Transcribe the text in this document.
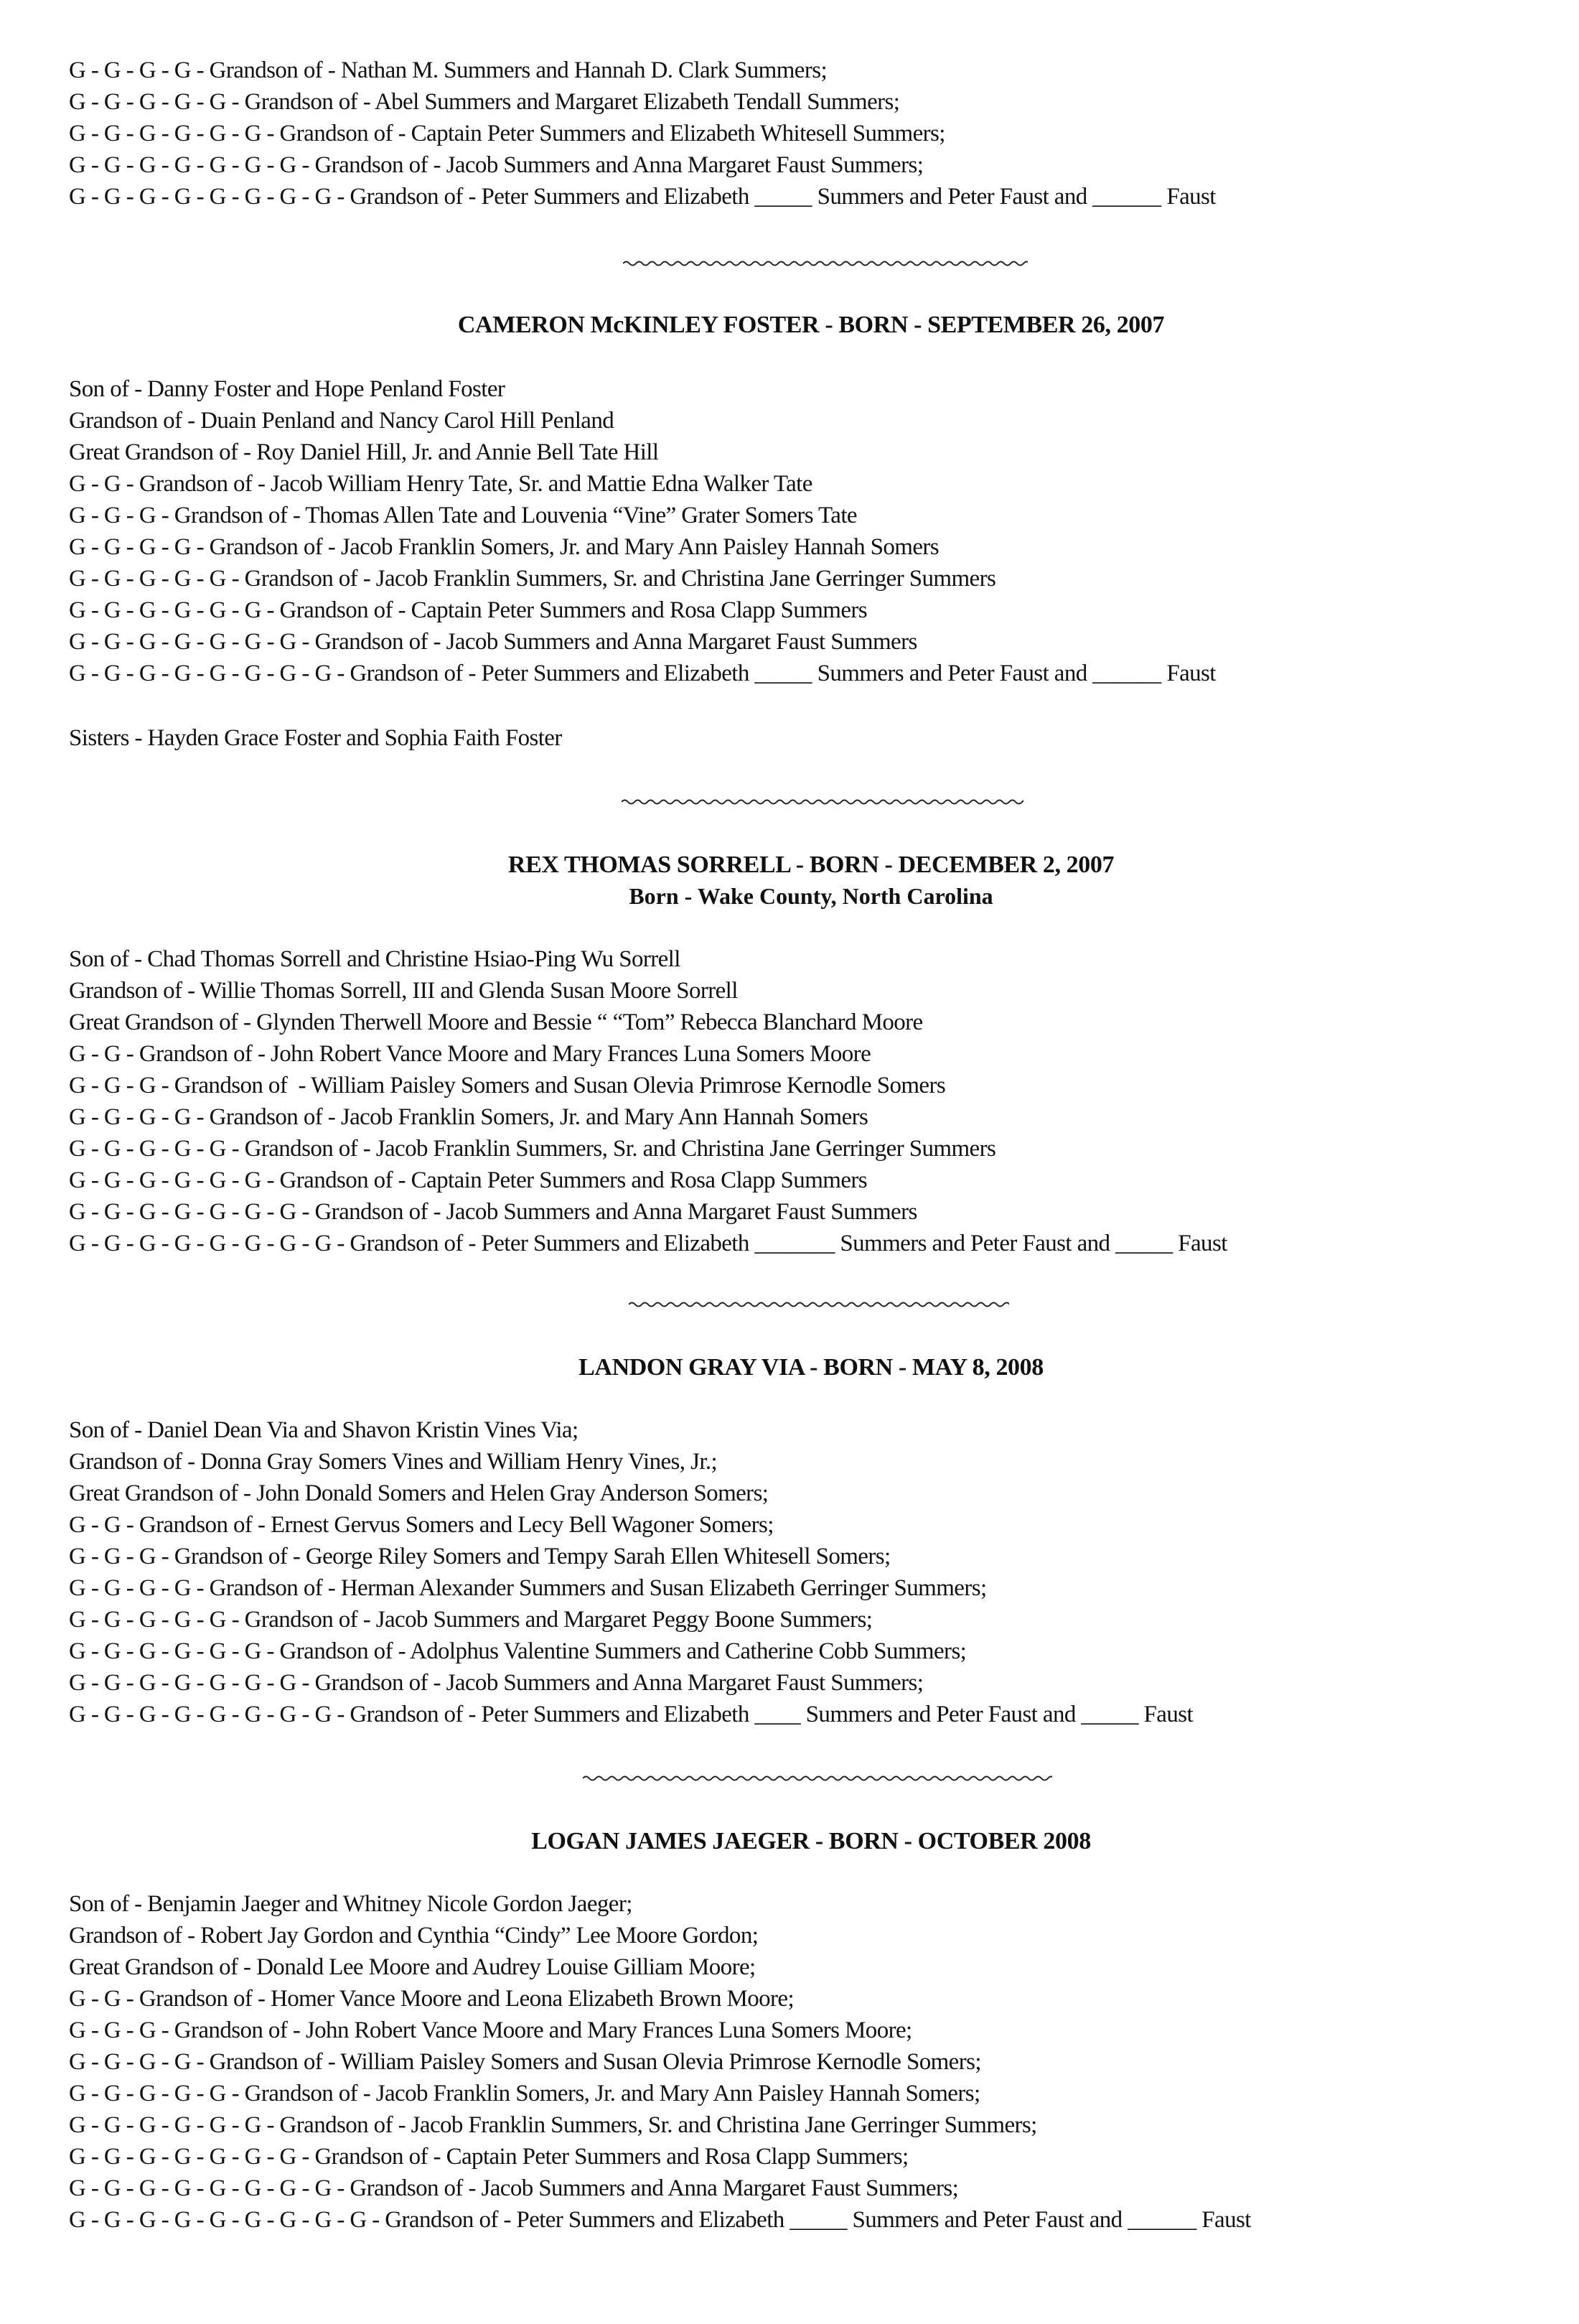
G - G - G - G - Grandson of - Nathan M. Summers and Hannah D. Clark Summers;
G - G - G - G - G - Grandson of - Abel Summers and Margaret Elizabeth Tendall Summers;
G - G - G - G - G - G - Grandson of - Captain Peter Summers and Elizabeth Whitesell Summers;
G - G - G - G - G - G - G - Grandson of - Jacob Summers and Anna Margaret Faust Summers;
G - G - G - G - G - G - G - G - Grandson of - Peter Summers and Elizabeth _____ Summers and Peter Faust and ______ Faust
CAMERON McKINLEY FOSTER - BORN - SEPTEMBER 26, 2007
Son of - Danny Foster and Hope Penland Foster
Grandson of - Duain Penland and Nancy Carol Hill Penland
Great Grandson of - Roy Daniel Hill, Jr. and Annie Bell Tate Hill
G - G - Grandson of - Jacob William Henry Tate, Sr. and Mattie Edna Walker Tate
G - G - G - Grandson of - Thomas Allen Tate and Louvenia “Vine” Grater Somers Tate
G - G - G - G - Grandson of - Jacob Franklin Somers, Jr. and Mary Ann Paisley Hannah Somers
G - G - G - G - G - Grandson of - Jacob Franklin Summers, Sr. and Christina Jane Gerringer Summers
G - G - G - G - G - G - Grandson of - Captain Peter Summers and Rosa Clapp Summers
G - G - G - G - G - G - G - Grandson of - Jacob Summers and Anna Margaret Faust Summers
G - G - G - G - G - G - G - G - Grandson of - Peter Summers and Elizabeth _____ Summers and Peter Faust and ______ Faust
Sisters - Hayden Grace Foster and Sophia Faith Foster
REX THOMAS SORRELL - BORN - DECEMBER 2, 2007
Born - Wake County, North Carolina
Son of - Chad Thomas Sorrell and Christine Hsiao-Ping Wu Sorrell
Grandson of - Willie Thomas Sorrell, III and Glenda Susan Moore Sorrell
Great Grandson of - Glynden Therwell Moore and Bessie “ “Tom” Rebecca Blanchard Moore
G - G - Grandson of - John Robert Vance Moore and Mary Frances Luna Somers Moore
G - G - G - Grandson of  - William Paisley Somers and Susan Olevia Primrose Kernodle Somers
G - G - G - G - Grandson of - Jacob Franklin Somers, Jr. and Mary Ann Hannah Somers
G - G - G - G - G - Grandson of - Jacob Franklin Summers, Sr. and Christina Jane Gerringer Summers
G - G - G - G - G - G - Grandson of - Captain Peter Summers and Rosa Clapp Summers
G - G - G - G - G - G - G - Grandson of - Jacob Summers and Anna Margaret Faust Summers
G - G - G - G - G - G - G - G - Grandson of - Peter Summers and Elizabeth _______ Summers and Peter Faust and _____ Faust
LANDON GRAY VIA - BORN - MAY 8, 2008
Son of - Daniel Dean Via and Shavon Kristin Vines Via;
Grandson of - Donna Gray Somers Vines and William Henry Vines, Jr.;
Great Grandson of - John Donald Somers and Helen Gray Anderson Somers;
G - G - Grandson of - Ernest Gervus Somers and Lecy Bell Wagoner Somers;
G - G - G - Grandson of - George Riley Somers and Tempy Sarah Ellen Whitesell Somers;
G - G - G - G - Grandson of - Herman Alexander Summers and Susan Elizabeth Gerringer Summers;
G - G - G - G - G - Grandson of - Jacob Summers and Margaret Peggy Boone Summers;
G - G - G - G - G - G - Grandson of - Adolphus Valentine Summers and Catherine Cobb Summers;
G - G - G - G - G - G - G - Grandson of - Jacob Summers and Anna Margaret Faust Summers;
G - G - G - G - G - G - G - G - Grandson of - Peter Summers and Elizabeth ____ Summers and Peter Faust and _____ Faust
LOGAN JAMES JAEGER - BORN - OCTOBER 2008
Son of - Benjamin Jaeger and Whitney Nicole Gordon Jaeger;
Grandson of - Robert Jay Gordon and Cynthia “Cindy” Lee Moore Gordon;
Great Grandson of - Donald Lee Moore and Audrey Louise Gilliam Moore;
G - G - Grandson of - Homer Vance Moore and Leona Elizabeth Brown Moore;
G - G - G - Grandson of - John Robert Vance Moore and Mary Frances Luna Somers Moore;
G - G - G - G - Grandson of - William Paisley Somers and Susan Olevia Primrose Kernodle Somers;
G - G - G - G - G - Grandson of - Jacob Franklin Somers, Jr. and Mary Ann Paisley Hannah Somers;
G - G - G - G - G - G - Grandson of - Jacob Franklin Summers, Sr. and Christina Jane Gerringer Summers;
G - G - G - G - G - G - G - Grandson of - Captain Peter Summers and Rosa Clapp Summers;
G - G - G - G - G - G - G - G - Grandson of - Jacob Summers and Anna Margaret Faust Summers;
G - G - G - G - G - G - G - G - G - Grandson of - Peter Summers and Elizabeth _____ Summers and Peter Faust and ______ Faust
